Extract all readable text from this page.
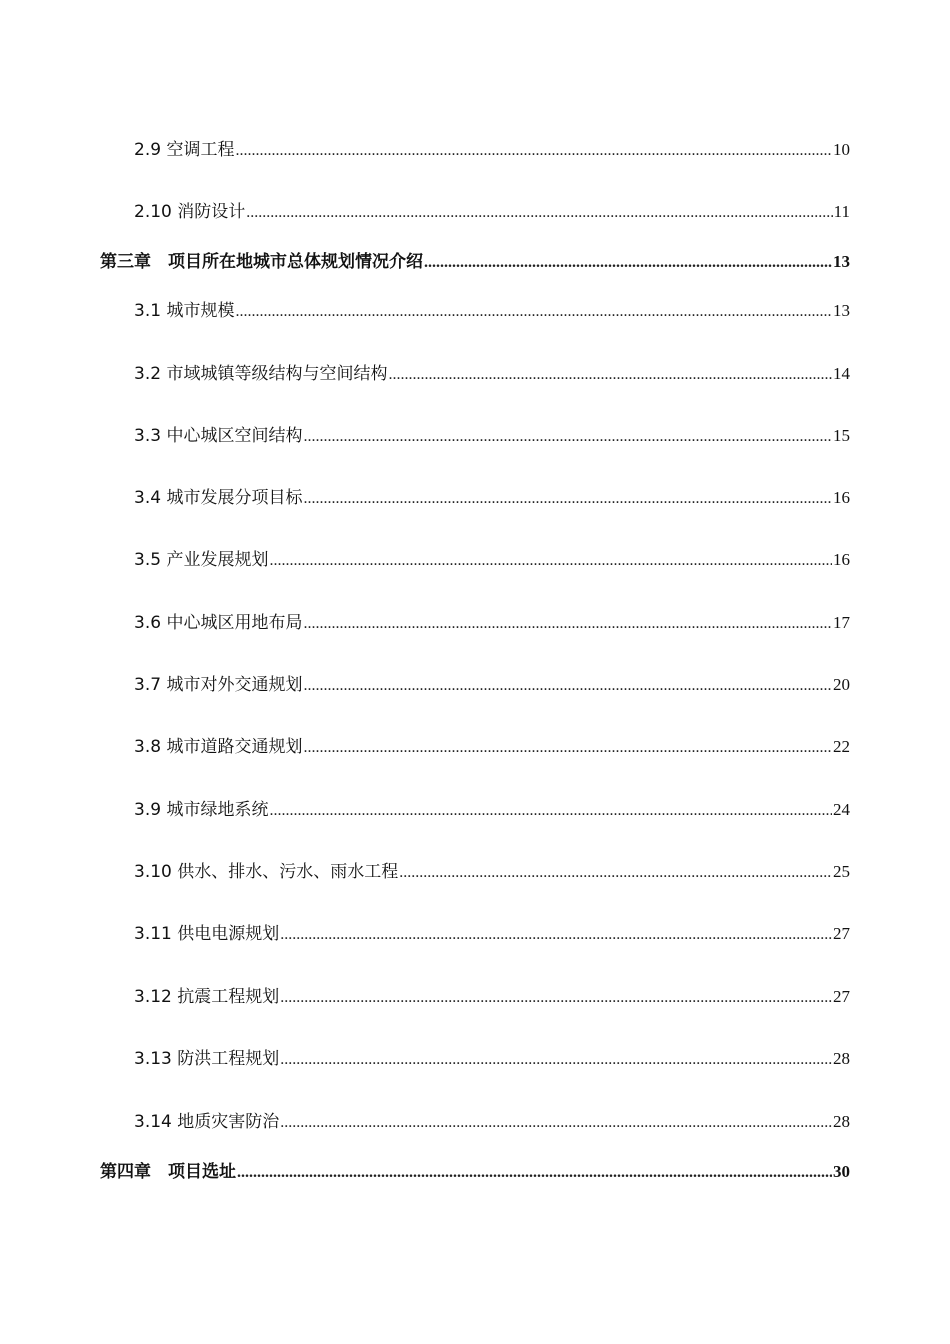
2.9 空调工程 .....	10
2.10 消防设计 .....	11
第三章　项目所在地城市总体规划情况介绍 .....	13
3.1 城市规模 .....	13
3.2 市域城镇等级结构与空间结构 .....	14
3.3 中心城区空间结构 .....	15
3.4 城市发展分项目标 .....	16
3.5 产业发展规划 .....	16
3.6 中心城区用地布局 .....	17
3.7 城市对外交通规划 .....	20
3.8 城市道路交通规划 .....	22
3.9 城市绿地系统 .....	24
3.10 供水、排水、污水、雨水工程 .....	25
3.11 供电电源规划 .....	27
3.12 抗震工程规划 .....	27
3.13 防洪工程规划 .....	28
3.14 地质灾害防治 .....	28
第四章　项目选址 .....	30
